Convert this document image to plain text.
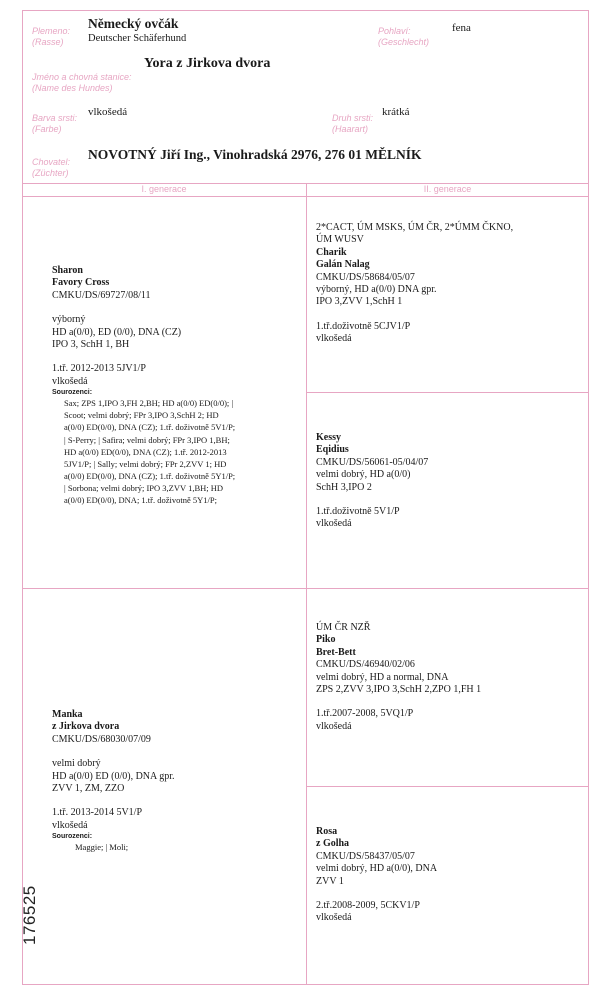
Plemeno:
(Rasse)
Německý ovčák
Deutscher Schäferhund
Pohlaví:
(Geschlecht)
fena
Jméno a chovná stanice:
(Name des Hundes)
Yora z Jirkova dvora
Barva srsti:
(Farbe)
vlkošedá	Druh srsti:
(Haarart)
krátká
Chovatel:
(Züchter)
NOVOTNÝ Jiří Ing., Vinohradská 2976, 276 01 MĚLNÍK
I. generace	II. generace
Sharon
Favory Cross
CMKU/DS/69727/08/11
výborný
HD a(0/0), ED (0/0), DNA (CZ)
IPO 3, SchH 1, BH
1.tř. 2012-2013 5JV1/P
vlkošedá
Sourozenci:
Sax; ZPS 1,IPO 3,FH 2,BH; HD a(0/0) ED(0/0); |
Scoot; velmi dobrý; FPr 3,IPO 3,SchH 2; HD
a(0/0) ED(0/0), DNA (CZ); 1.tř. doživotně 5V1/P;
| S-Perry; | Safira; velmi dobrý; FPr 3,IPO 1,BH;
HD a(0/0) ED(0/0), DNA (CZ); 1.tř. 2012-2013
5JV1/P; | Sally; velmi dobrý; FPr 2,ZVV 1; HD
a(0/0) ED(0/0), DNA (CZ); 1.tř. doživotně 5Y1/P;
| Sorbona; velmi dobrý; IPO 3,ZVV 1,BH; HD
a(0/0) ED(0/0), DNA; 1.tř. doživotně 5Y1/P;
2*CACT, ÚM MSKS, ÚM ČR, 2*ÚMM ČKNO,
ÚM WUSV
Charik
Galán Nalag
CMKU/DS/58684/05/07
výborný, HD a(0/0) DNA gpr.
IPO 3,ZVV 1,SchH 1
1.tř.doživotně 5CJV1/P
vlkošedá
Kessy
Eqidius
CMKU/DS/56061-05/04/07
velmi dobrý, HD a(0/0)
SchH 3,IPO 2
1.tř.doživotně 5V1/P
vlkošedá
Manka
z Jirkova dvora
CMKU/DS/68030/07/09
velmi dobrý
HD a(0/0) ED (0/0), DNA gpr.
ZVV 1, ZM, ZZO
1.tř. 2013-2014 5V1/P
vlkošedá
Sourozenci:
Maggie; | Moli;
ÚM ČR NZŘ
Piko
Bret-Bett
CMKU/DS/46940/02/06
velmi dobrý, HD a normal, DNA
ZPS 2,ZVV 3,IPO 3,SchH 2,ZPO 1,FH 1
1.tř.2007-2008, 5VQ1/P
vlkošedá
Rosa
z Golha
CMKU/DS/58437/05/07
velmi dobrý, HD a(0/0), DNA
ZVV 1
2.tř.2008-2009, 5CKV1/P
vlkošedá
176525
